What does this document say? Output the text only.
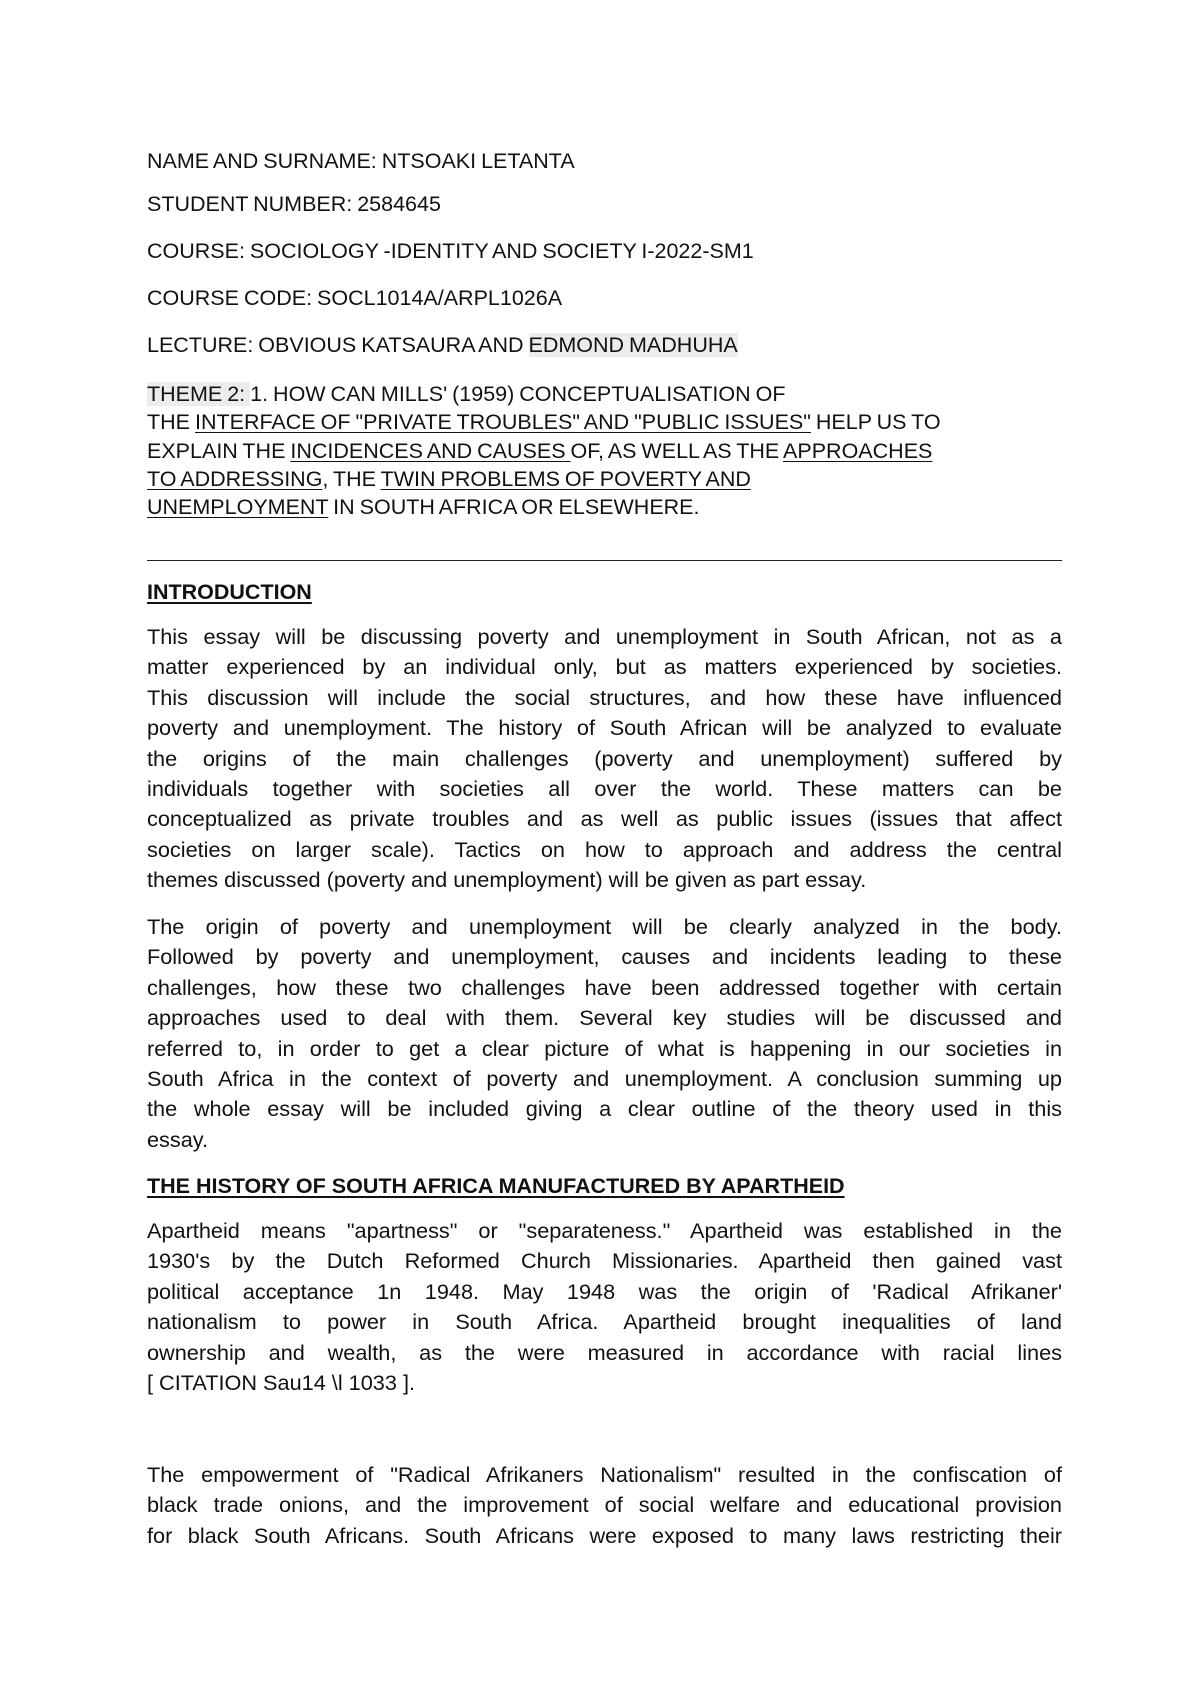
NAME AND SURNAME: NTSOAKI LETANTA

STUDENT NUMBER: 2584645

COURSE: SOCIOLOGY -IDENTITY AND SOCIETY I-2022-SM1

COURSE CODE: SOCL1014A/ARPL1026A

LECTURE: OBVIOUS KATSAURA AND EDMOND MADHUHA

THEME 2: 1. HOW CAN MILLS' (1959) CONCEPTUALISATION OF
THE INTERFACE OF "PRIVATE TROUBLES" AND "PUBLIC ISSUES" HELP US TO
EXPLAIN THE INCIDENCES AND CAUSES OF, AS WELL AS THE APPROACHES
TO ADDRESSING, THE TWIN PROBLEMS OF POVERTY AND
UNEMPLOYMENT IN SOUTH AFRICA OR ELSEWHERE.

INTRODUCTION

This essay will be discussing poverty and unemployment in South African, not as a
matter experienced by an individual only, but as matters experienced by societies.
This discussion will include the social structures, and how these have influenced
poverty and unemployment. The history of South African will be analyzed to evaluate
the origins of the main challenges (poverty and unemployment) suffered by
individuals together with societies all over the world. These matters can be
conceptualized as private troubles and as well as public issues (issues that affect
societies on larger scale). Tactics on how to approach and address the central
themes discussed (poverty and unemployment) will be given as part essay.

The origin of poverty and unemployment will be clearly analyzed in the body.
Followed by poverty and unemployment, causes and incidents leading to these
challenges, how these two challenges have been addressed together with certain
approaches used to deal with them. Several key studies will be discussed and
referred to, in order to get a clear picture of what is happening in our societies in
South Africa in the context of poverty and unemployment. A conclusion summing up
the whole essay will be included giving a clear outline of the theory used in this
essay.

THE HISTORY OF SOUTH AFRICA MANUFACTURED BY APARTHEID

Apartheid means "apartness" or "separateness." Apartheid was established in the
1930's by the Dutch Reformed Church Missionaries. Apartheid then gained vast
political acceptance 1n 1948. May 1948 was the origin of 'Radical Afrikaner'
nationalism to power in South Africa. Apartheid brought inequalities of land
ownership and wealth, as the were measured in accordance with racial lines
[ CITATION Sau14 \l 1033 ].

The empowerment of "Radical Afrikaners Nationalism" resulted in the confiscation of
black trade onions, and the improvement of social welfare and educational provision
for black South Africans. South Africans were exposed to many laws restricting their
